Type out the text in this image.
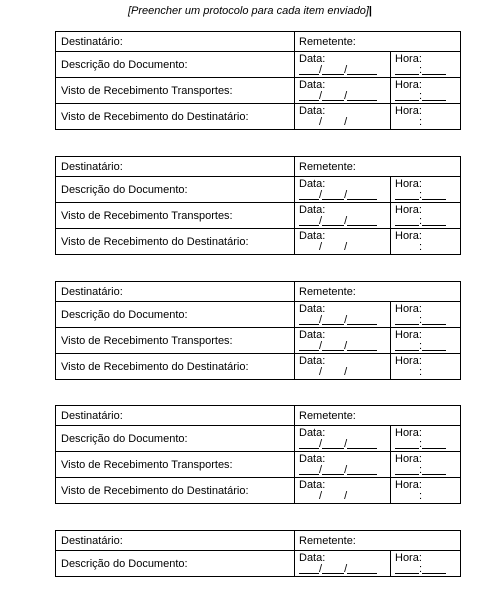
[Preencher um protocolo para cada item enviado]|
Destinatário:	Remetente:
Descrição do Documento:	Data:
/ /
Hora:
:
Visto de Recebimento Transportes:	Data:
/ /
Hora:
:
Visto de Recebimento do Destinatário:	Data:
/ /
Hora:
:
Destinatário:	Remetente:
Descrição do Documento:	Data:
/ /
Hora:
:
Visto de Recebimento Transportes:	Data:
/ /
Hora:
:
Visto de Recebimento do Destinatário:	Data:
/ /
Hora:
:
Destinatário:	Remetente:
Descrição do Documento:	Data:
/ /
Hora:
:
Visto de Recebimento Transportes:	Data:
/ /
Hora:
:
Visto de Recebimento do Destinatário:	Data:
/ /
Hora:
:
Destinatário:	Remetente:
Descrição do Documento:	Data:
/ /
Hora:
:
Visto de Recebimento Transportes:	Data:
/ /
Hora:
:
Visto de Recebimento do Destinatário:	Data:
/ /
Hora:
:
Destinatário:	Remetente:
Descrição do Documento:	Data:
/ /
Hora:
:
